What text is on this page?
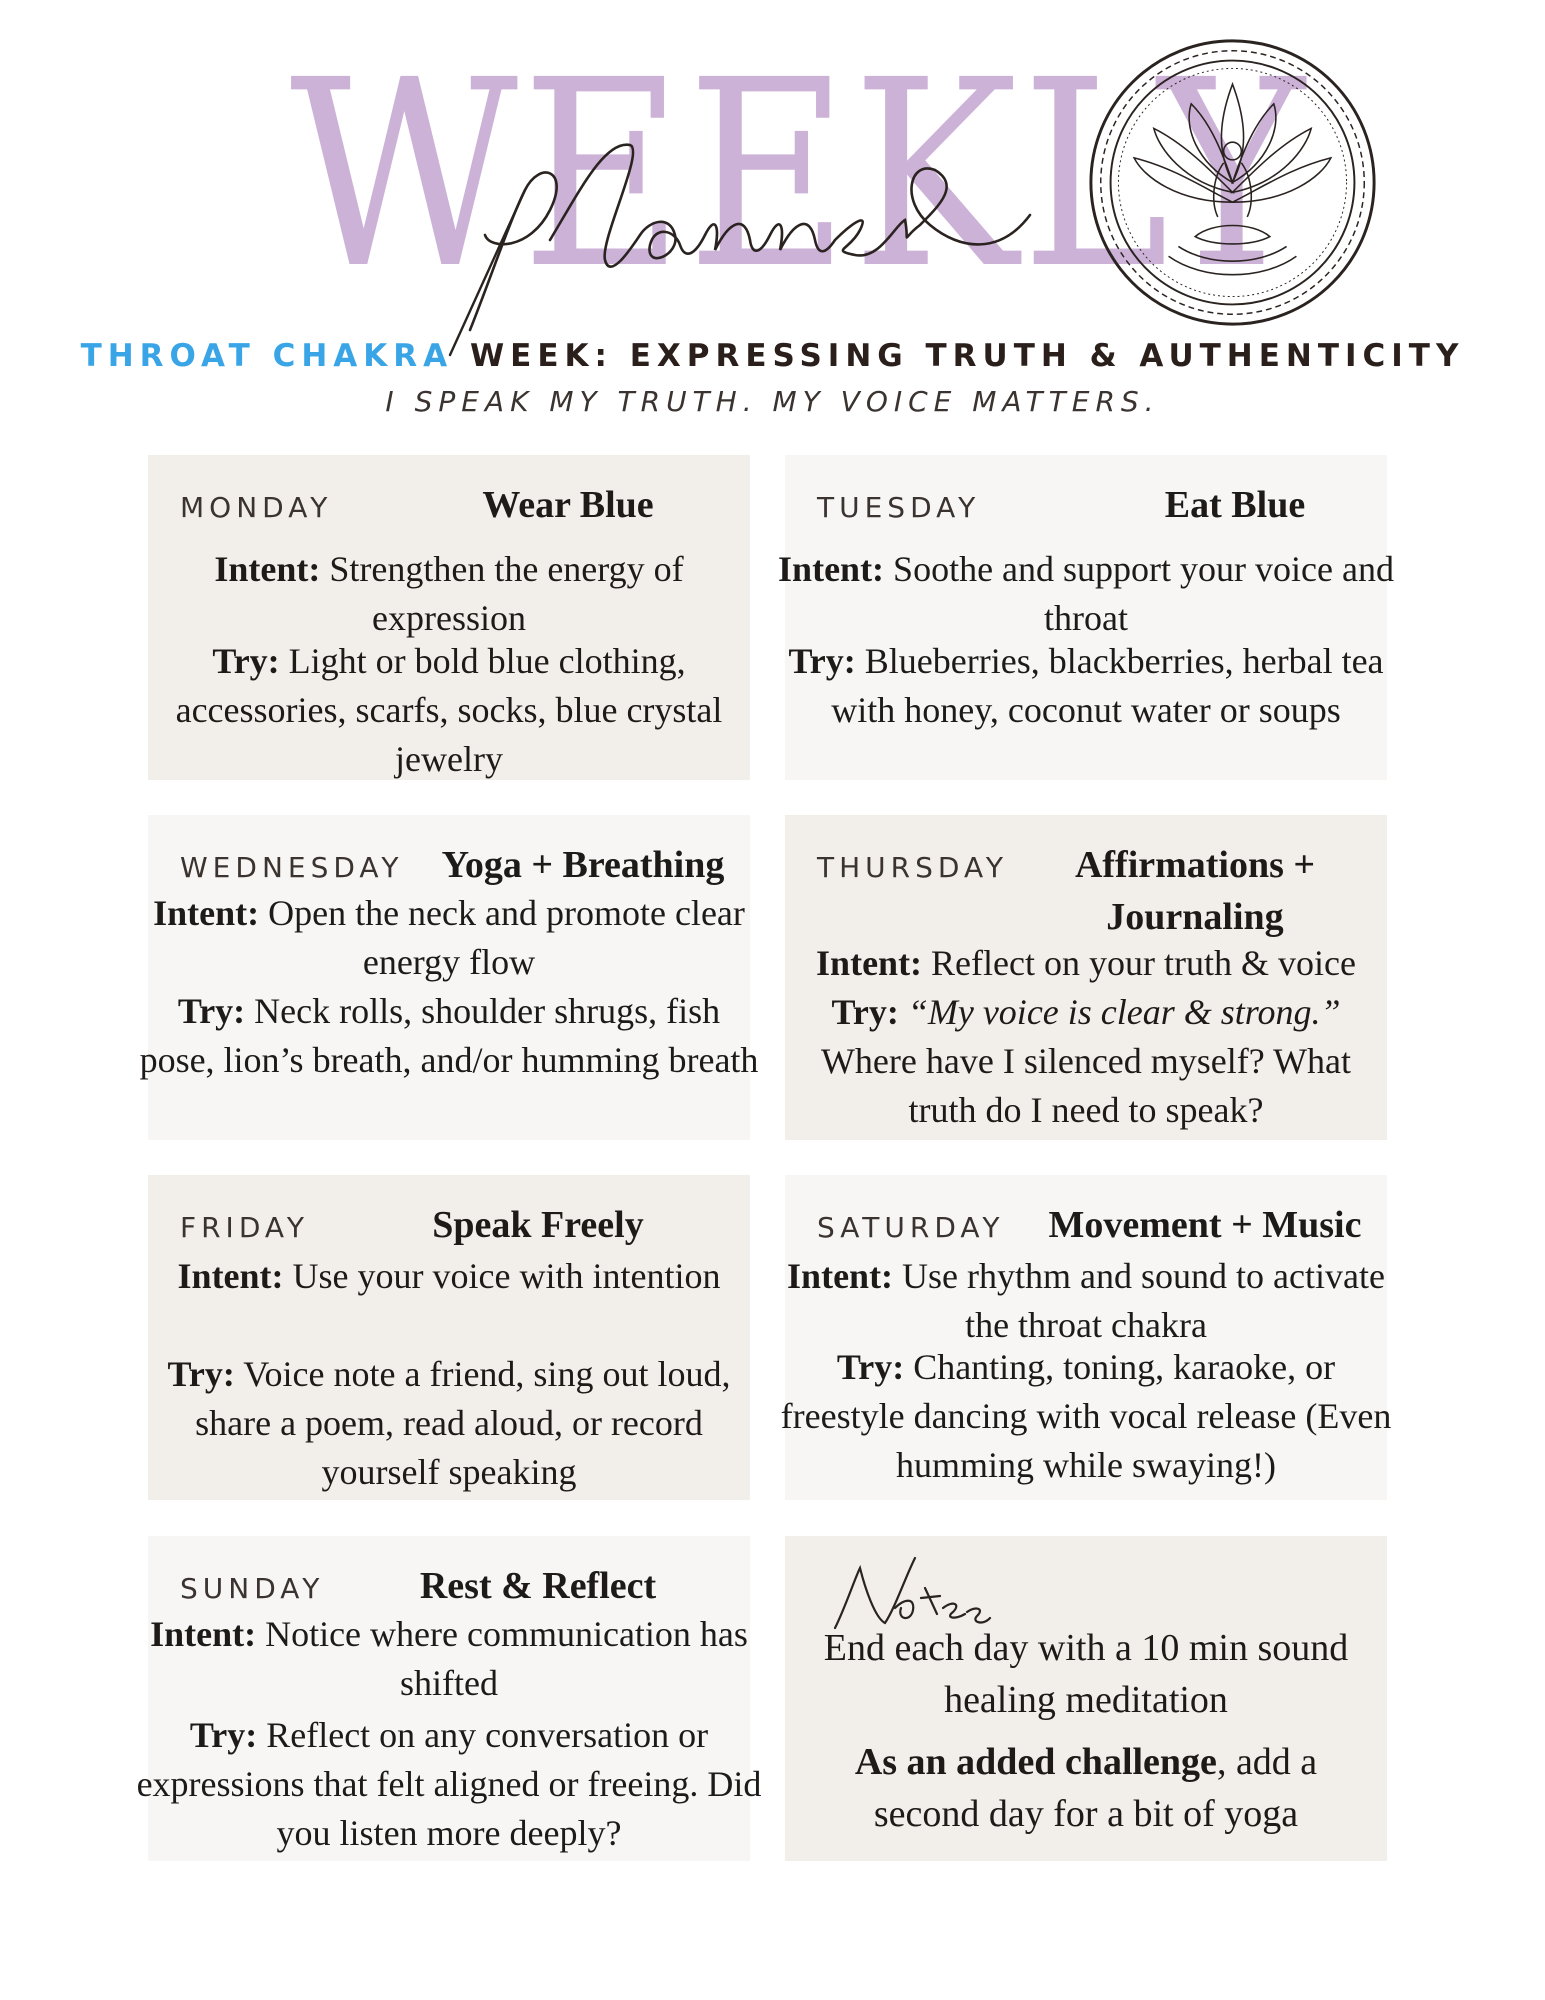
WEEKLY
THROAT CHAKRA WEEK: EXPRESSING TRUTH & AUTHENTICITY
I SPEAK MY TRUTH. MY VOICE MATTERS.
MONDAY	Wear Blue
Intent: Strengthen the energy of expression
Try: Light or bold blue clothing, accessories, scarfs, socks, blue crystal jewelry
TUESDAY	Eat Blue
Intent: Soothe and support your voice and throat
Try: Blueberries, blackberries, herbal tea with honey, coconut water or soups
WEDNESDAY	Yoga + Breathing
Intent: Open the neck and promote clear energy flow
Try: Neck rolls, shoulder shrugs, fish pose, lion’s breath, and/or humming breath
THURSDAY	Affirmations + Journaling
Intent: Reflect on your truth & voice
Try: “My voice is clear & strong.”
Where have I silenced myself? What truth do I need to speak?
FRIDAY	Speak Freely
Intent: Use your voice with intention
Try: Voice note a friend, sing out loud, share a poem, read aloud, or record yourself speaking
SATURDAY	Movement + Music
Intent: Use rhythm and sound to activate the throat chakra
Try: Chanting, toning, karaoke, or freestyle dancing with vocal release (Even humming while swaying!)
SUNDAY	Rest & Reflect
Intent: Notice where communication has shifted
Try: Reflect on any conversation or expressions that felt aligned or freeing. Did you listen more deeply?
End each day with a 10 min sound healing meditation
As an added challenge, add a second day for a bit of yoga
